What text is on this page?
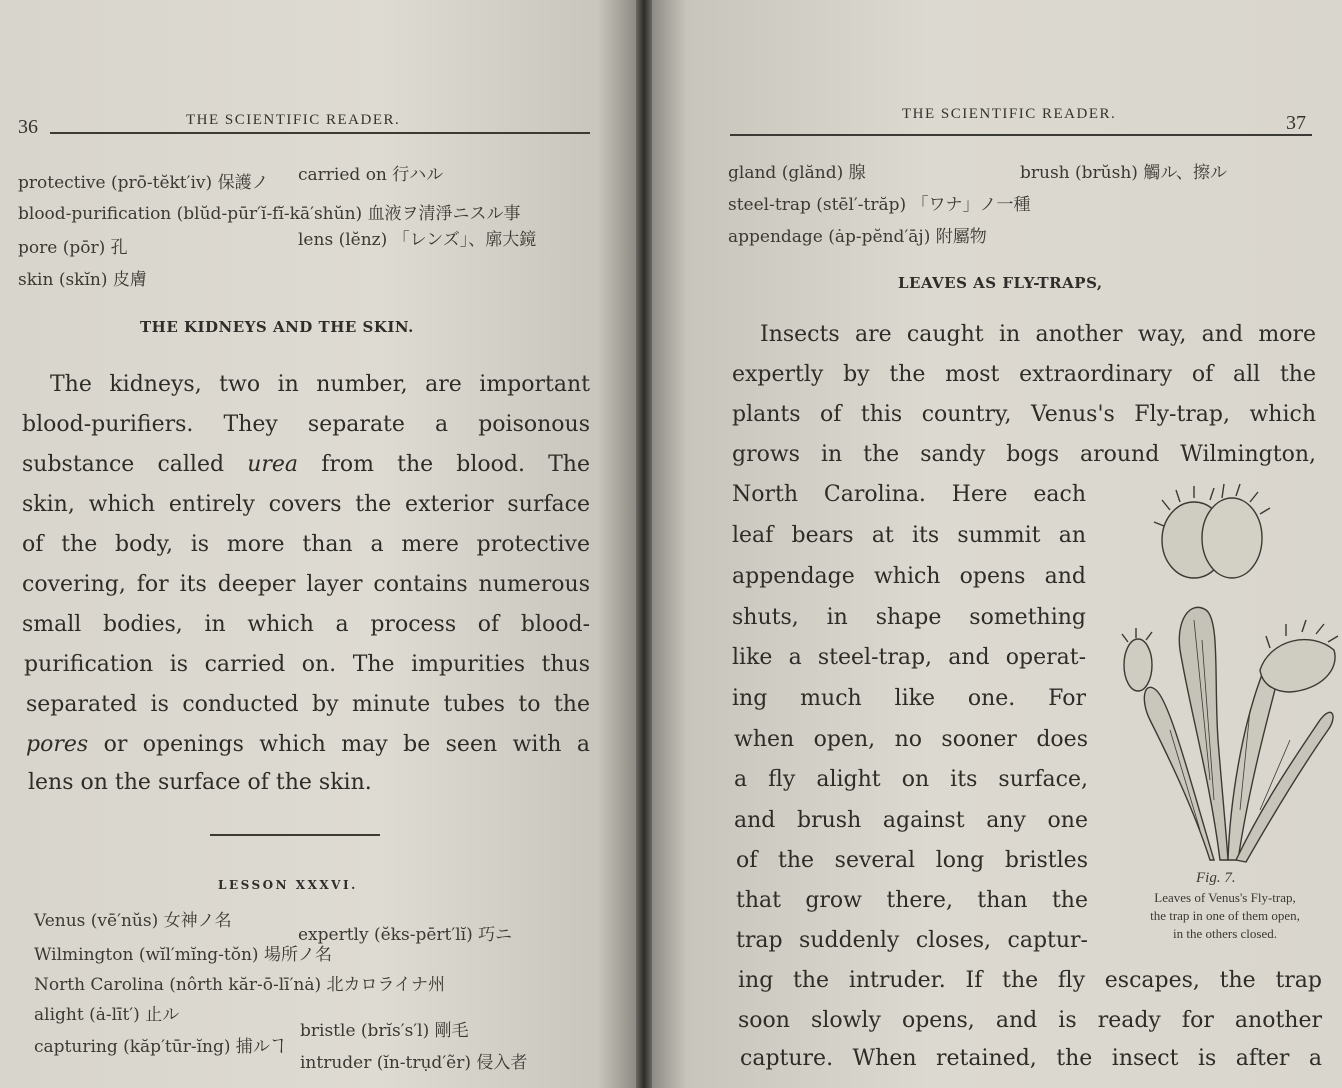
36	THE SCIENTIFIC READER.
protective (prō-tĕkt′iv) 保護ノ carried on 行ハル
blood-purification (blŭd-pūr′ĭ-fĭ-kā′shŭn) 血液ヲ清淨ニスル事
pore (pōr) 孔	lens (lĕnz) 「レンズ」、廓大鏡
skin (skĭn) 皮膚
THE KIDNEYS AND THE SKIN.
The kidneys, two in number, are important
blood-purifiers. They separate a poisonous
substance called urea from the blood. The
skin, which entirely covers the exterior surface
of the body, is more than a mere protective
covering, for its deeper layer contains numerous
small bodies, in which a process of blood-
purification is carried on. The impurities thus
separated is conducted by minute tubes to the
pores or openings which may be seen with a
lens on the surface of the skin.
LESSON XXXVI.
Venus (vē′nŭs) 女神ノ名
expertly (ĕks-pērt′lĭ) 巧ニ
Wilmington (wĭl′mĭng-tŏn) 場所ノ名
North Carolina (nôrth kăr-ō-lī′nȧ) 北カロライナ州
alight (ȧ-līt′) 止ル
bristle (brĭs′s′l) 剛毛
capturing (kăp′tūr-ĭng) 捕ルヿ
intruder (ĭn-trụd′ẽr) 侵入者
THE SCIENTIFIC READER.	37
gland (glănd) 腺	brush (brŭsh) 觸ル、擦ル
steel-trap (stēl′-trăp) 「ワナ」ノ一種
appendage (ȧp-pĕnd′āj) 附屬物
LEAVES AS FLY-TRAPS,
Insects are caught in another way, and more
expertly by the most extraordinary of all the
plants of this country, Venus's Fly-trap, which
grows in the sandy bogs around Wilmington,
North Carolina. Here each
leaf bears at its summit an
appendage which opens and
shuts, in shape something
like a steel-trap, and operat-
ing much like one. For
when open, no sooner does
a fly alight on its surface,
and brush against any one
of the several long bristles
that grow there, than the
trap suddenly closes, captur-
ing the intruder. If the fly escapes, the trap
soon slowly opens, and is ready for another
capture. When retained, the insect is after a
Fig. 7.
Leaves of Venus's Fly-trap,
the trap in one of them open,
in the others closed.
